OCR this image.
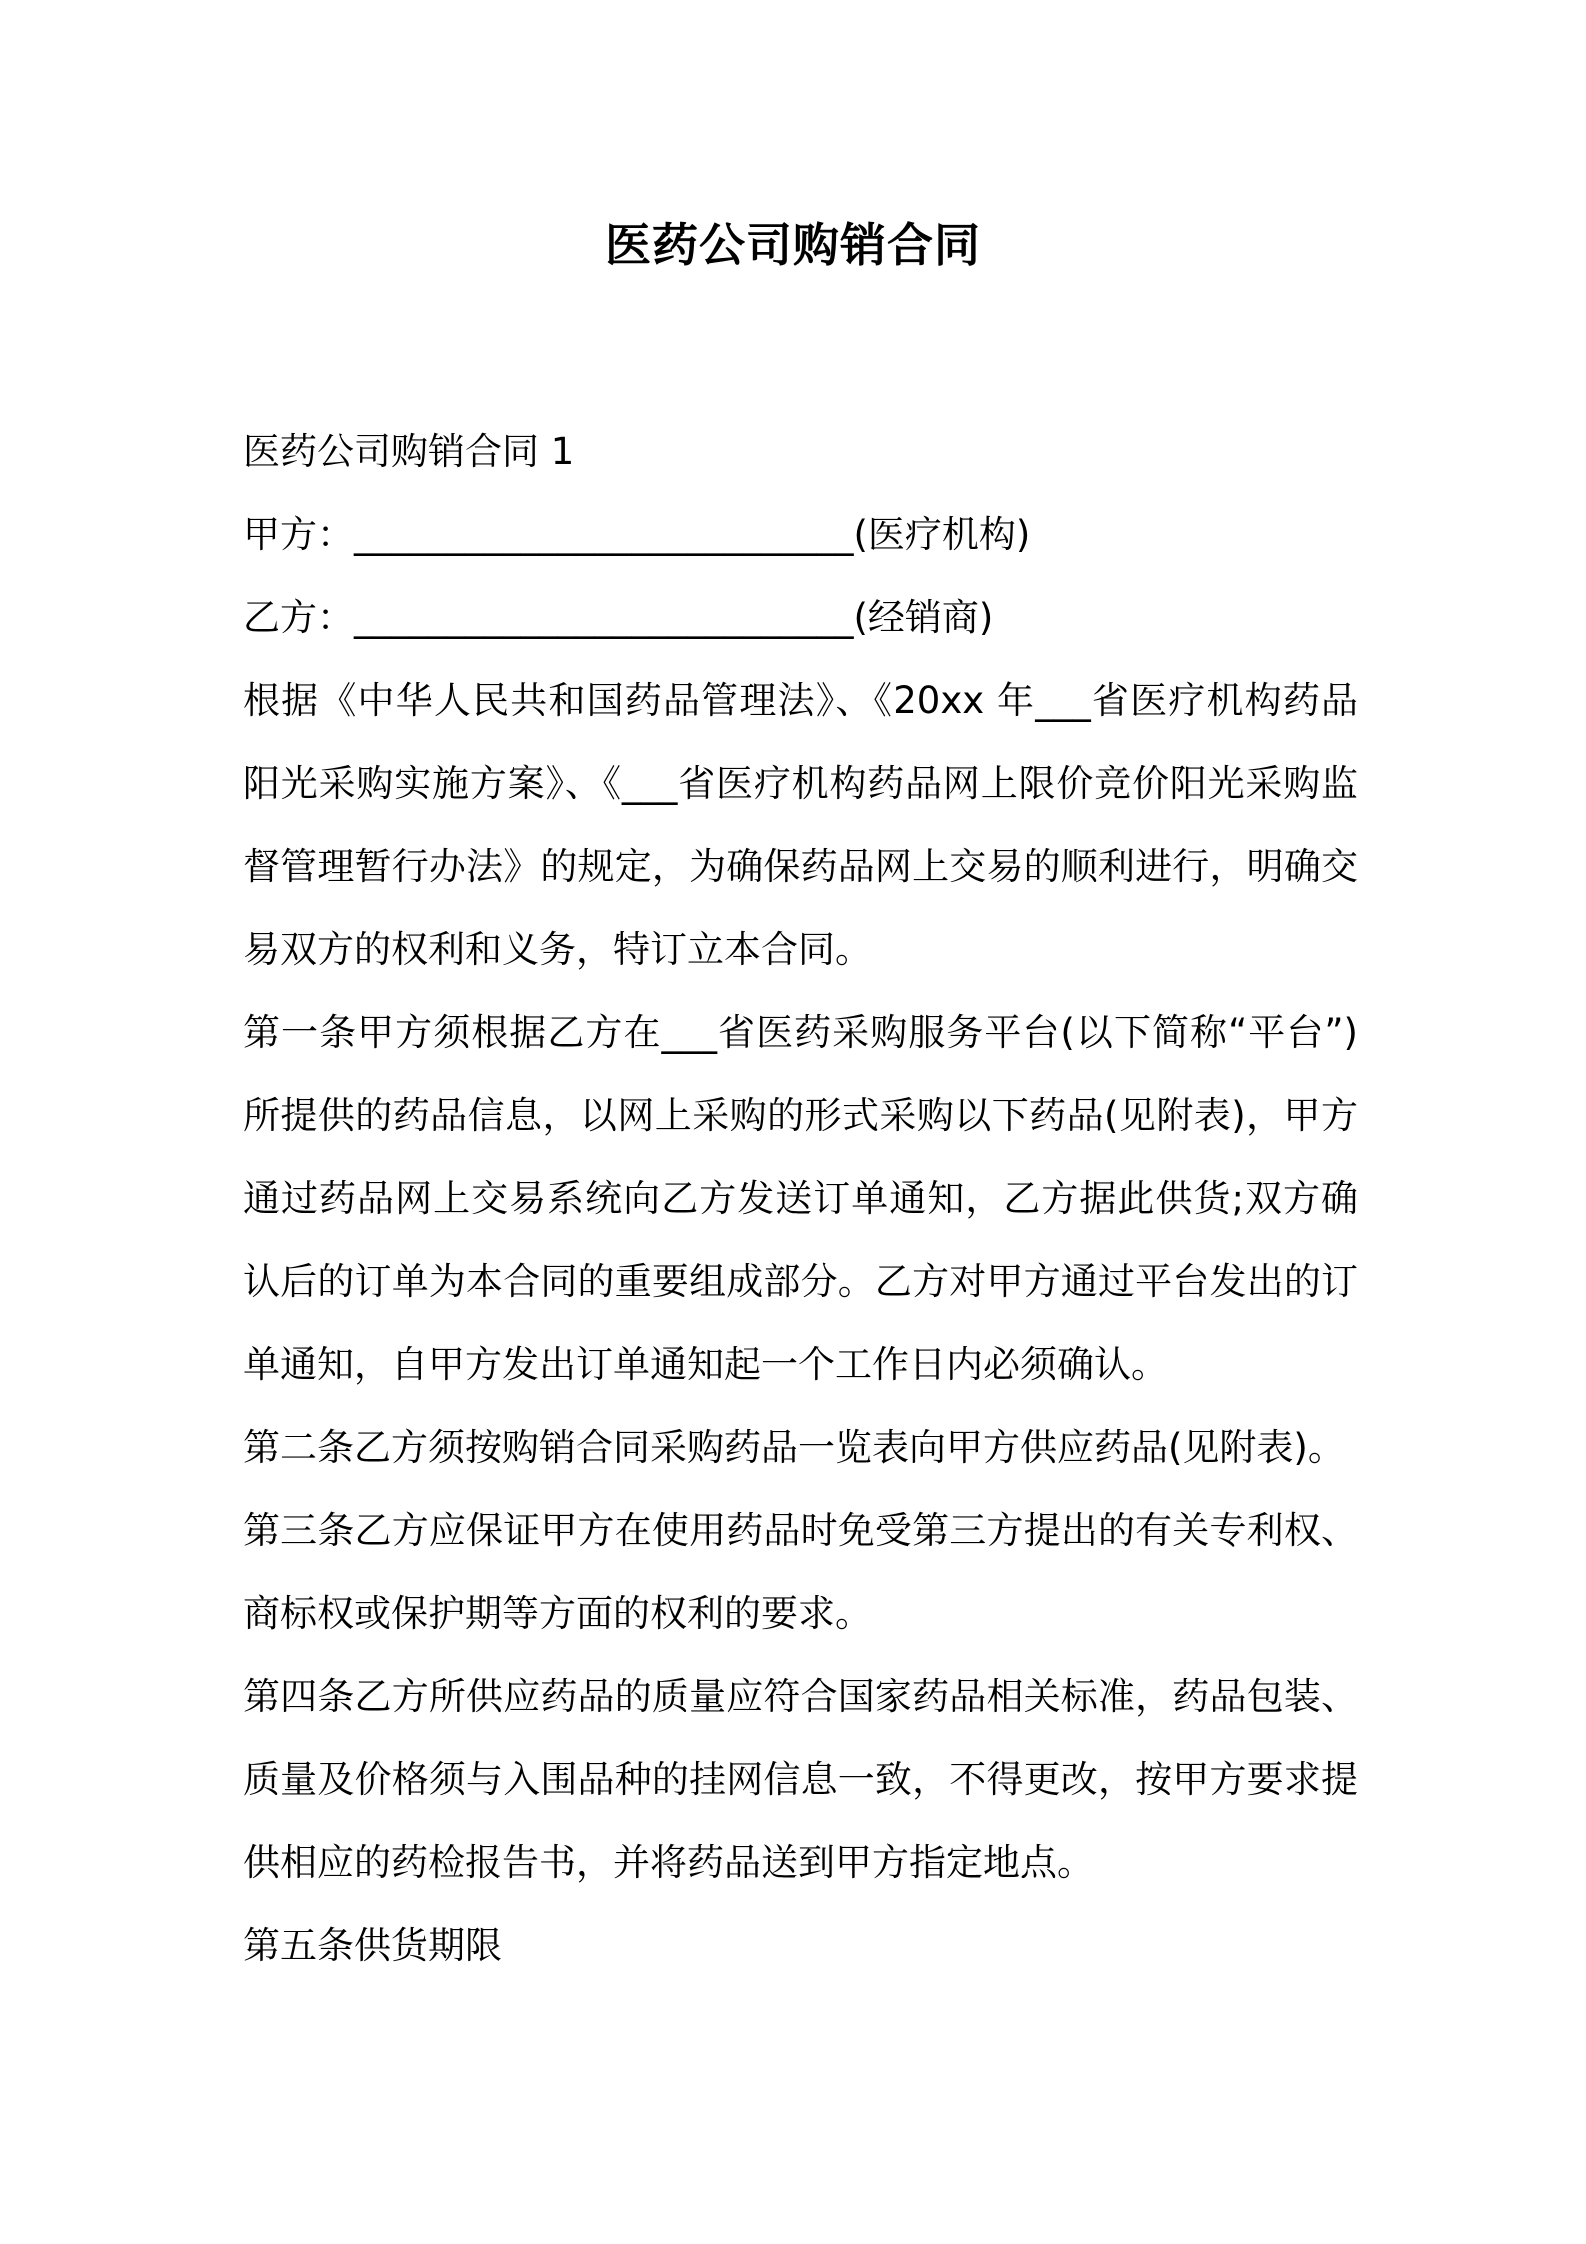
医药公司购销合同

医药公司购销合同 1

甲方：___________________________(医疗机构)

乙方：___________________________(经销商)

根据《中华人民共和国药品管理法》、《20xx 年___省医疗机构药品阳光采购实施方案》、《___省医疗机构药品网上限价竞价阳光采购监督管理暂行办法》的规定，为确保药品网上交易的顺利进行，明确交易双方的权利和义务，特订立本合同。

第一条甲方须根据乙方在___省医药采购服务平台(以下简称“平台”)所提供的药品信息，以网上采购的形式采购以下药品(见附表)，甲方通过药品网上交易系统向乙方发送订单通知，乙方据此供货;双方确认后的订单为本合同的重要组成部分。乙方对甲方通过平台发出的订单通知，自甲方发出订单通知起一个工作日内必须确认。

第二条乙方须按购销合同采购药品一览表向甲方供应药品(见附表)。

第三条乙方应保证甲方在使用药品时免受第三方提出的有关专利权、商标权或保护期等方面的权利的要求。

第四条乙方所供应药品的质量应符合国家药品相关标准，药品包装、质量及价格须与入围品种的挂网信息一致，不得更改，按甲方要求提供相应的药检报告书，并将药品送到甲方指定地点。

第五条供货期限
